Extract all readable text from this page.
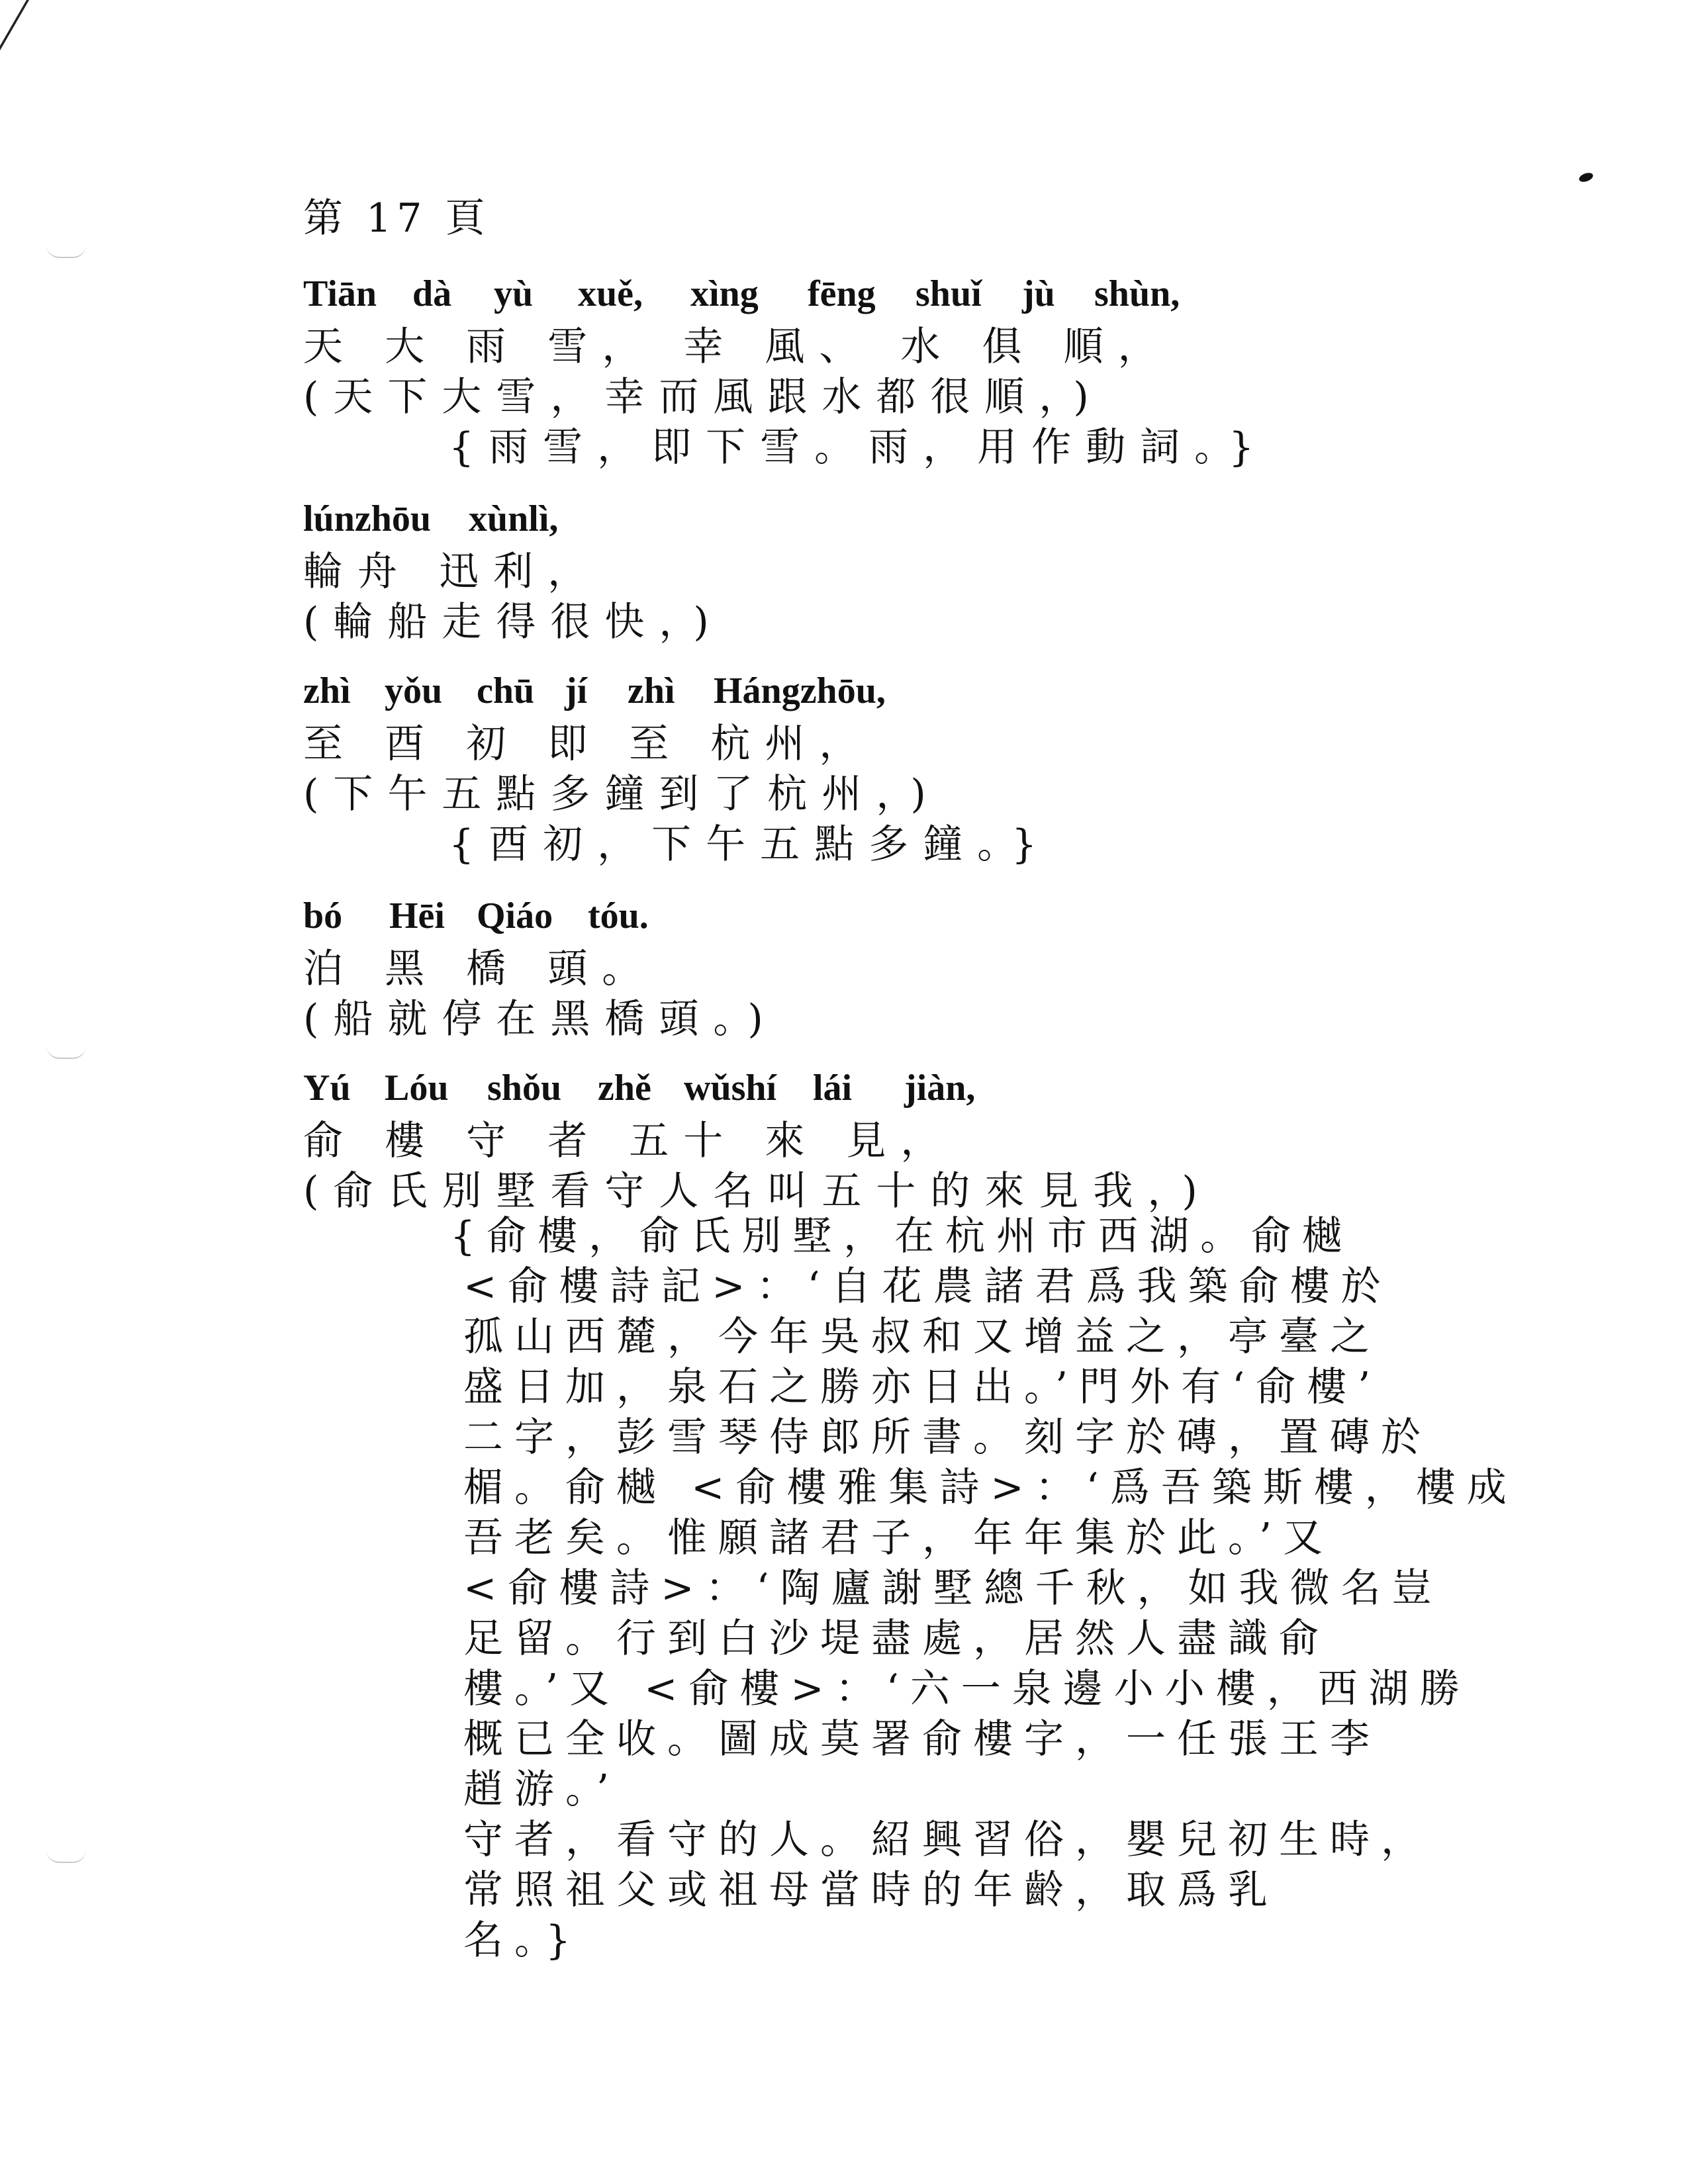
第 17 頁
Tiān dà yù xuě, xìng fēng shuǐ jù shùn,
天 大 雨 雪， 幸 風、 水 俱 順，
(天下大雪，幸而風跟水都很順，)
{雨雪，即下雪。雨，用作動詞。}
lúnzhōu xùnlì,
輪舟 迅利，
(輪船走得很快，)
zhì yǒu chū jí zhì Hángzhōu,
至 酉 初 即 至 杭州，
(下午五點多鐘到了杭州，)
{酉初，下午五點多鐘。}
bó Hēi Qiáo tóu.
泊 黑 橋 頭。
(船就停在黑橋頭。)
Yú Lóu shǒu zhě wǔshí lái jiàn,
俞 樓 守 者 五十 來 見，
(俞氏別墅看守人名叫五十的來見我，)
{俞樓，俞氏別墅，在杭州市西湖。俞樾
<俞樓詩記>：‘自花農諸君爲我築俞樓於
孤山西麓，今年吳叔和又增益之，亭臺之
盛日加，泉石之勝亦日出。’門外有‘俞樓’
二字，彭雪琴侍郎所書。刻字於磚，置磚於
楣。俞樾 <俞樓雅集詩>：‘爲吾築斯樓，樓成
吾老矣。惟願諸君子，年年集於此。’又
<俞樓詩>：‘陶廬謝墅總千秋，如我微名豈
足留。行到白沙堤盡處，居然人盡識俞
樓。’又 <俞樓>：‘六一泉邊小小樓，西湖勝
概已全收。圖成莫署俞樓字，一任張王李
趙游。’
守者，看守的人。紹興習俗，嬰兒初生時，
常照祖父或祖母當時的年齡，取爲乳
名。}
